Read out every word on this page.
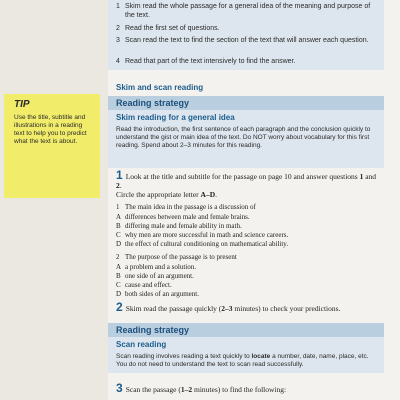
1 Skim read the whole passage for a general idea of the meaning and purpose of the text.
2 Read the first set of questions.
3 Scan read the text to find the section of the text that will answer each question.
4 Read that part of the text intensively to find the answer.
Skim and scan reading
TIP
Use the title, subtitle and illustrations in a reading text to help you to predict what the text is about.
Reading strategy
Skim reading for a general idea
Read the introduction, the first sentence of each paragraph and the conclusion quickly to understand the gist or main idea of the text. Do NOT worry about vocabulary for this first reading. Spend about 2–3 minutes for this reading.
1 Look at the title and subtitle for the passage on page 10 and answer questions 1 and 2.
Circle the appropriate letter A–D.
1 The main idea in the passage is a discussion of
A differences between male and female brains.
B differing male and female ability in math.
C why men are more successful in math and science careers.
D the effect of cultural conditioning on mathematical ability.
2 The purpose of the passage is to present
A a problem and a solution.
B one side of an argument.
C cause and effect.
D both sides of an argument.
2 Skim read the passage quickly (2–3 minutes) to check your predictions.
Reading strategy
Scan reading
Scan reading involves reading a text quickly to locate a number, date, name, place, etc. You do not need to understand the text to scan read successfully.
3 Scan the passage (1–2 minutes) to find the following:
